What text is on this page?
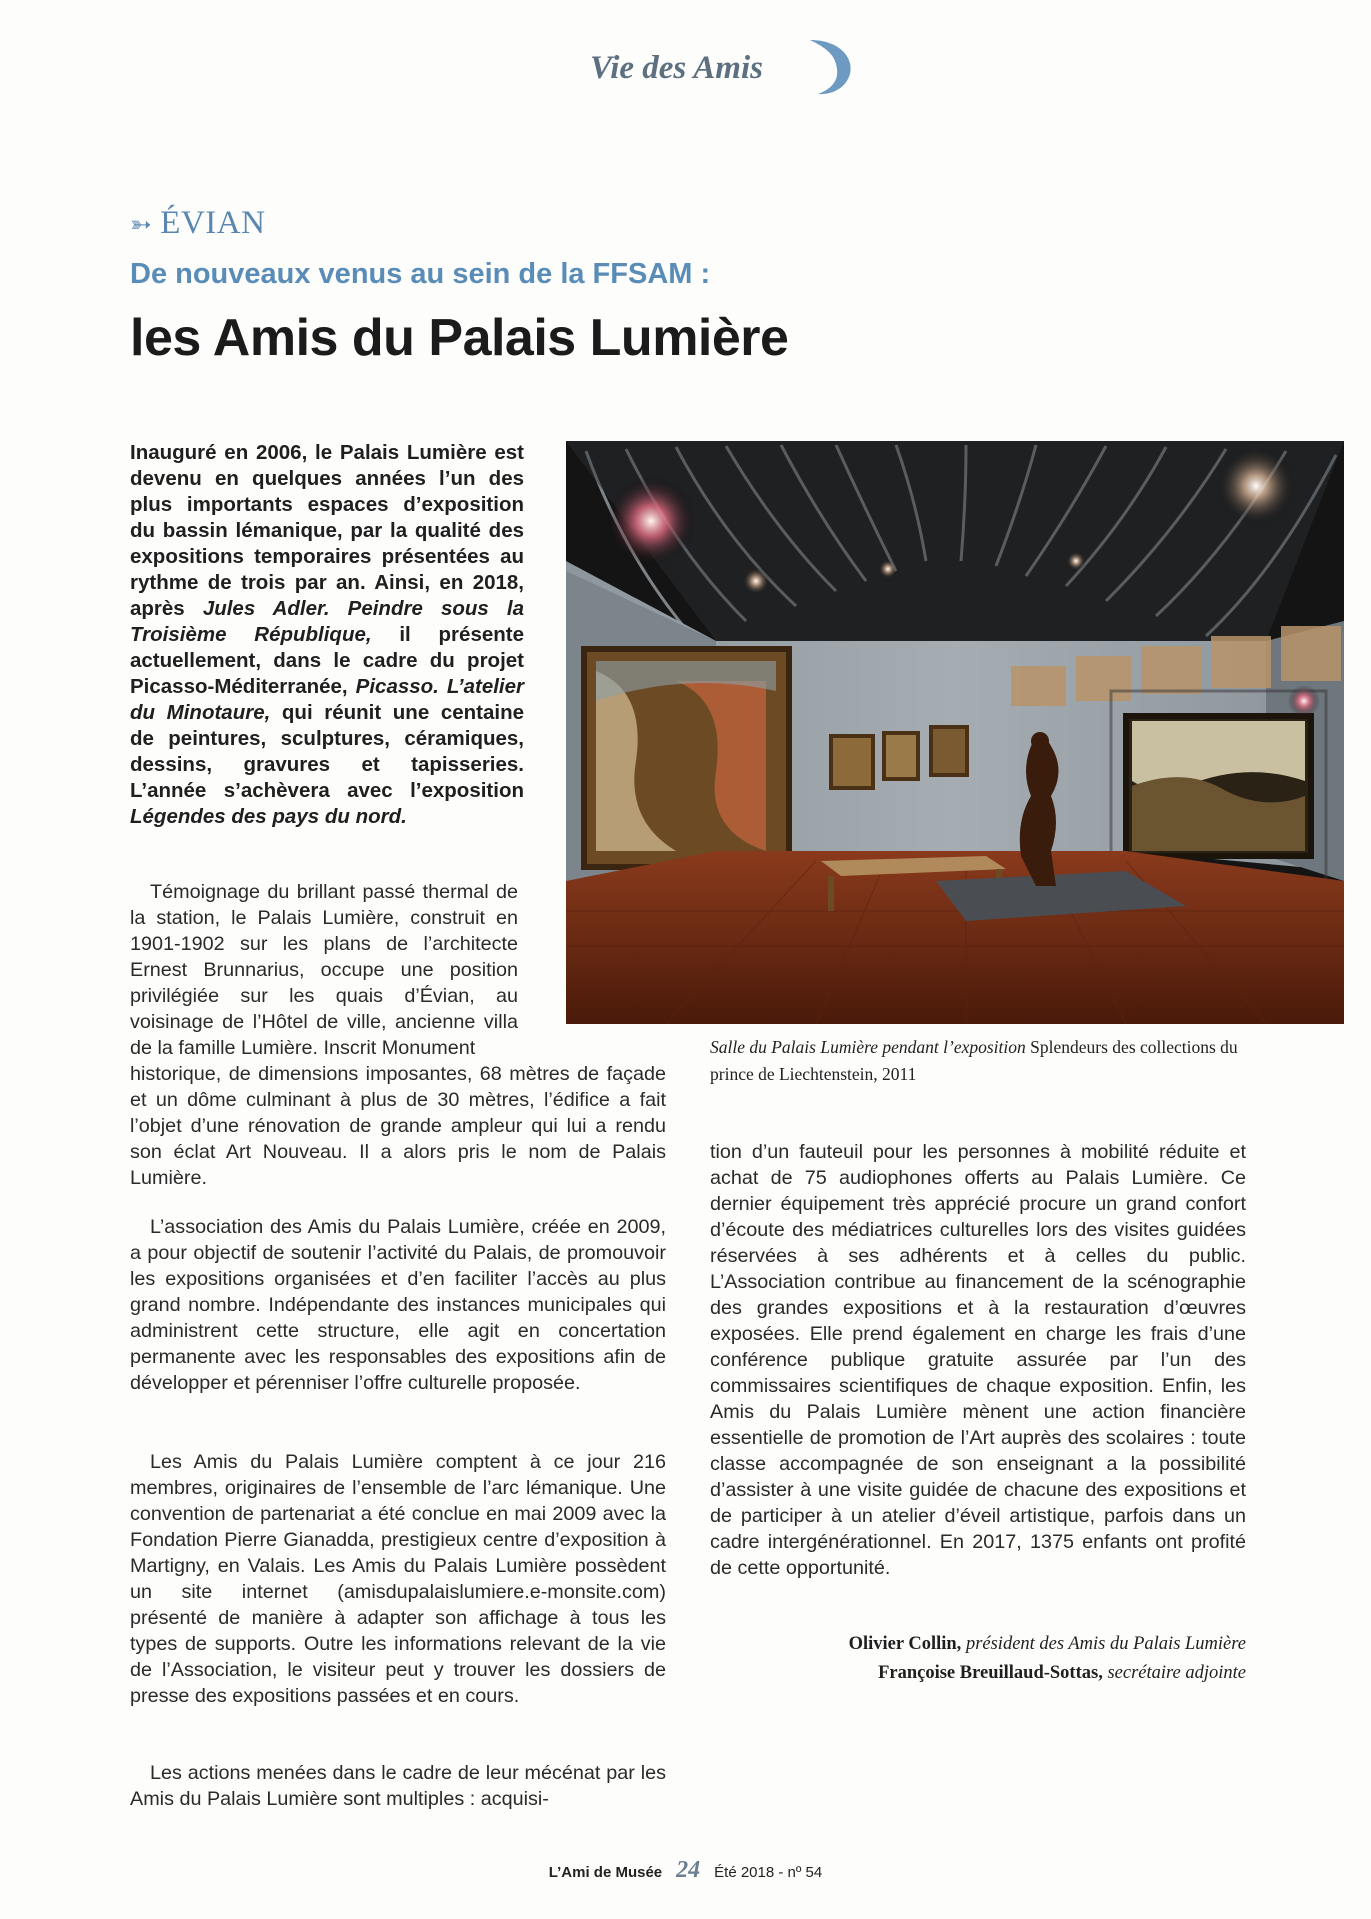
Vie des Amis
➳ ÉVIAN
De nouveaux venus au sein de la FFSAM :
les Amis du Palais Lumière
Inauguré en 2006, le Palais Lumière est devenu en quelques années l’un des plus importants espaces d’exposition du bassin lémanique, par la qualité des expositions temporaires présentées au rythme de trois par an. Ainsi, en 2018, après Jules Adler. Peindre sous la Troisième République, il présente actuellement, dans le cadre du projet Picasso-Méditerranée, Picasso. L’atelier du Minotaure, qui réunit une centaine de peintures, sculptures, céramiques, dessins, gravures et tapisseries. L’année s’achèvera avec l’exposition Légendes des pays du nord.
Salle du Palais Lumière pendant l’exposition Splendeurs des collections du prince de Liechtenstein, 2011

Témoignage du brillant passé thermal de la station, le Palais Lumière, construit en 1901-1902 sur les plans de l’architecte Ernest Brunnarius, occupe une position privilégiée sur les quais d’Évian, au voisinage de l’Hôtel de ville, ancienne villa de la famille Lumière. Inscrit Monument

historique, de dimensions imposantes, 68 mètres de façade et un dôme culminant à plus de 30 mètres, l’édifice a fait l’objet d’une rénovation de grande ampleur qui lui a rendu son éclat Art Nouveau. Il a alors pris le nom de Palais Lumière.

L’association des Amis du Palais Lumière, créée en 2009, a pour objectif de soutenir l’activité du Palais, de promouvoir les expositions organisées et d’en faciliter l’accès au plus grand nombre. Indépendante des instances municipales qui administrent cette structure, elle agit en concertation permanente avec les responsables des expositions afin de développer et pérenniser l’offre culturelle proposée.

Les Amis du Palais Lumière comptent à ce jour 216 membres, originaires de l’ensemble de l’arc lémanique. Une convention de partenariat a été conclue en mai 2009 avec la Fondation Pierre Gianadda, prestigieux centre d’exposition à Martigny, en Valais. Les Amis du Palais Lumière possèdent un site internet (amisdupalaislumiere.e-monsite.com) présenté de manière à adapter son affichage à tous les types de supports. Outre les informations relevant de la vie de l’Association, le visiteur peut y trouver les dossiers de presse des expositions passées et en cours.

Les actions menées dans le cadre de leur mécénat par les Amis du Palais Lumière sont multiples : acquisi-

tion d’un fauteuil pour les personnes à mobilité réduite et achat de 75 audiophones offerts au Palais Lumière. Ce dernier équipement très apprécié procure un grand confort d’écoute des médiatrices culturelles lors des visites guidées réservées à ses adhérents et à celles du public. L’Association contribue au financement de la scénographie des grandes expositions et à la restauration d’œuvres exposées. Elle prend également en charge les frais d’une conférence publique gratuite assurée par l’un des commissaires scientifiques de chaque exposition. Enfin, les Amis du Palais Lumière mènent une action financière essentielle de promotion de l’Art auprès des scolaires : toute classe accompagnée de son enseignant a la possibilité d’assister à une visite guidée de chacune des expositions et de participer à un atelier d’éveil artistique, parfois dans un cadre intergénérationnel. En 2017, 1375 enfants ont profité de cette opportunité.

Olivier Collin, président des Amis du Palais Lumière
Françoise Breuillaud-Sottas, secrétaire adjointe
L’Ami de Musée 24 Été 2018 - nº 54
